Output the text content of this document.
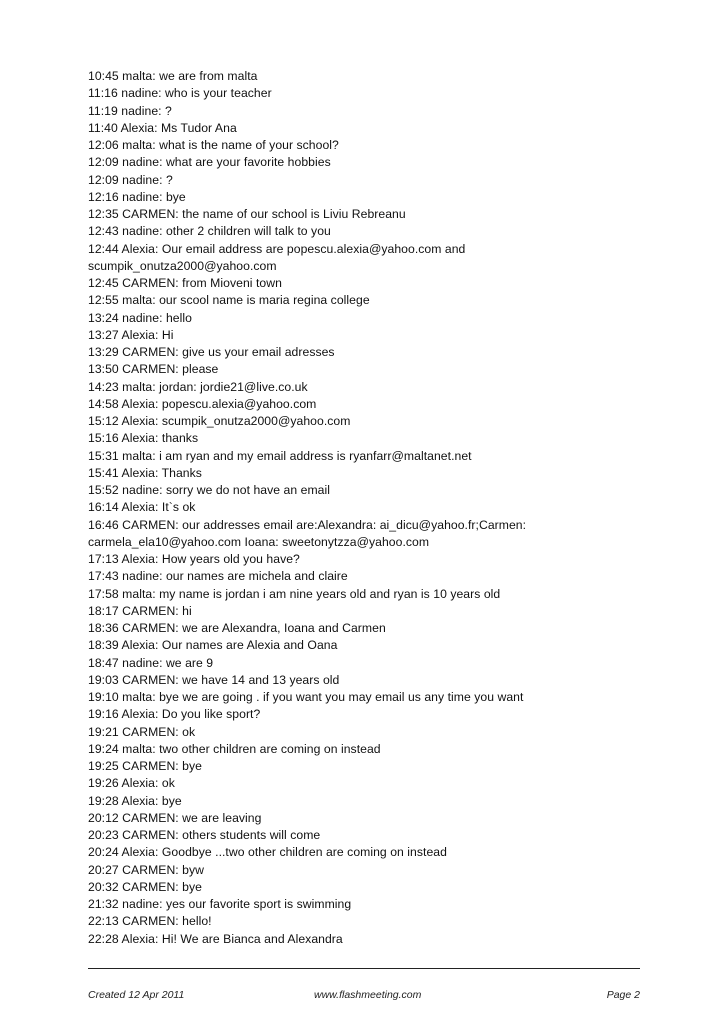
10:45 malta: we are from malta
11:16 nadine: who is your teacher
11:19 nadine: ?
11:40 Alexia: Ms Tudor Ana
12:06 malta: what is the name of your school?
12:09 nadine: what are your favorite hobbies
12:09 nadine: ?
12:16 nadine: bye
12:35 CARMEN: the name of our school is Liviu Rebreanu
12:43 nadine: other 2 children will talk to you
12:44 Alexia: Our email address are popescu.alexia@yahoo.com and
scumpik_onutza2000@yahoo.com
12:45 CARMEN: from Mioveni town
12:55 malta: our scool name is maria regina college
13:24 nadine: hello
13:27 Alexia: Hi
13:29 CARMEN: give us your email adresses
13:50 CARMEN: please
14:23 malta: jordan: jordie21@live.co.uk
14:58 Alexia: popescu.alexia@yahoo.com
15:12 Alexia: scumpik_onutza2000@yahoo.com
15:16 Alexia: thanks
15:31 malta: i am ryan and my email address is ryanfarr@maltanet.net
15:41 Alexia: Thanks
15:52 nadine: sorry we do not have an email
16:14 Alexia: It`s ok
16:46 CARMEN: our addresses email are:Alexandra: ai_dicu@yahoo.fr;Carmen:
carmela_ela10@yahoo.com Ioana: sweetonytzza@yahoo.com
17:13 Alexia: How years old you have?
17:43 nadine: our names are michela and claire
17:58 malta: my name is jordan i am nine years old and ryan is 10 years old
18:17 CARMEN: hi
18:36 CARMEN: we are Alexandra, Ioana and Carmen
18:39 Alexia: Our names are Alexia and Oana
18:47 nadine: we are 9
19:03 CARMEN: we have 14 and 13 years old
19:10 malta: bye we are going . if you want you may email us any time you want
19:16 Alexia: Do you like sport?
19:21 CARMEN: ok
19:24 malta: two other children are coming on instead
19:25 CARMEN: bye
19:26 Alexia: ok
19:28 Alexia: bye
20:12 CARMEN: we are leaving
20:23 CARMEN: others students will come
20:24 Alexia: Goodbye ...two other children are coming on instead
20:27 CARMEN: byw
20:32 CARMEN: bye
21:32 nadine: yes our favorite sport is swimming
22:13 CARMEN: hello!
22:28 Alexia: Hi! We are Bianca and Alexandra
Created 12 Apr 2011	www.flashmeeting.com	Page 2
